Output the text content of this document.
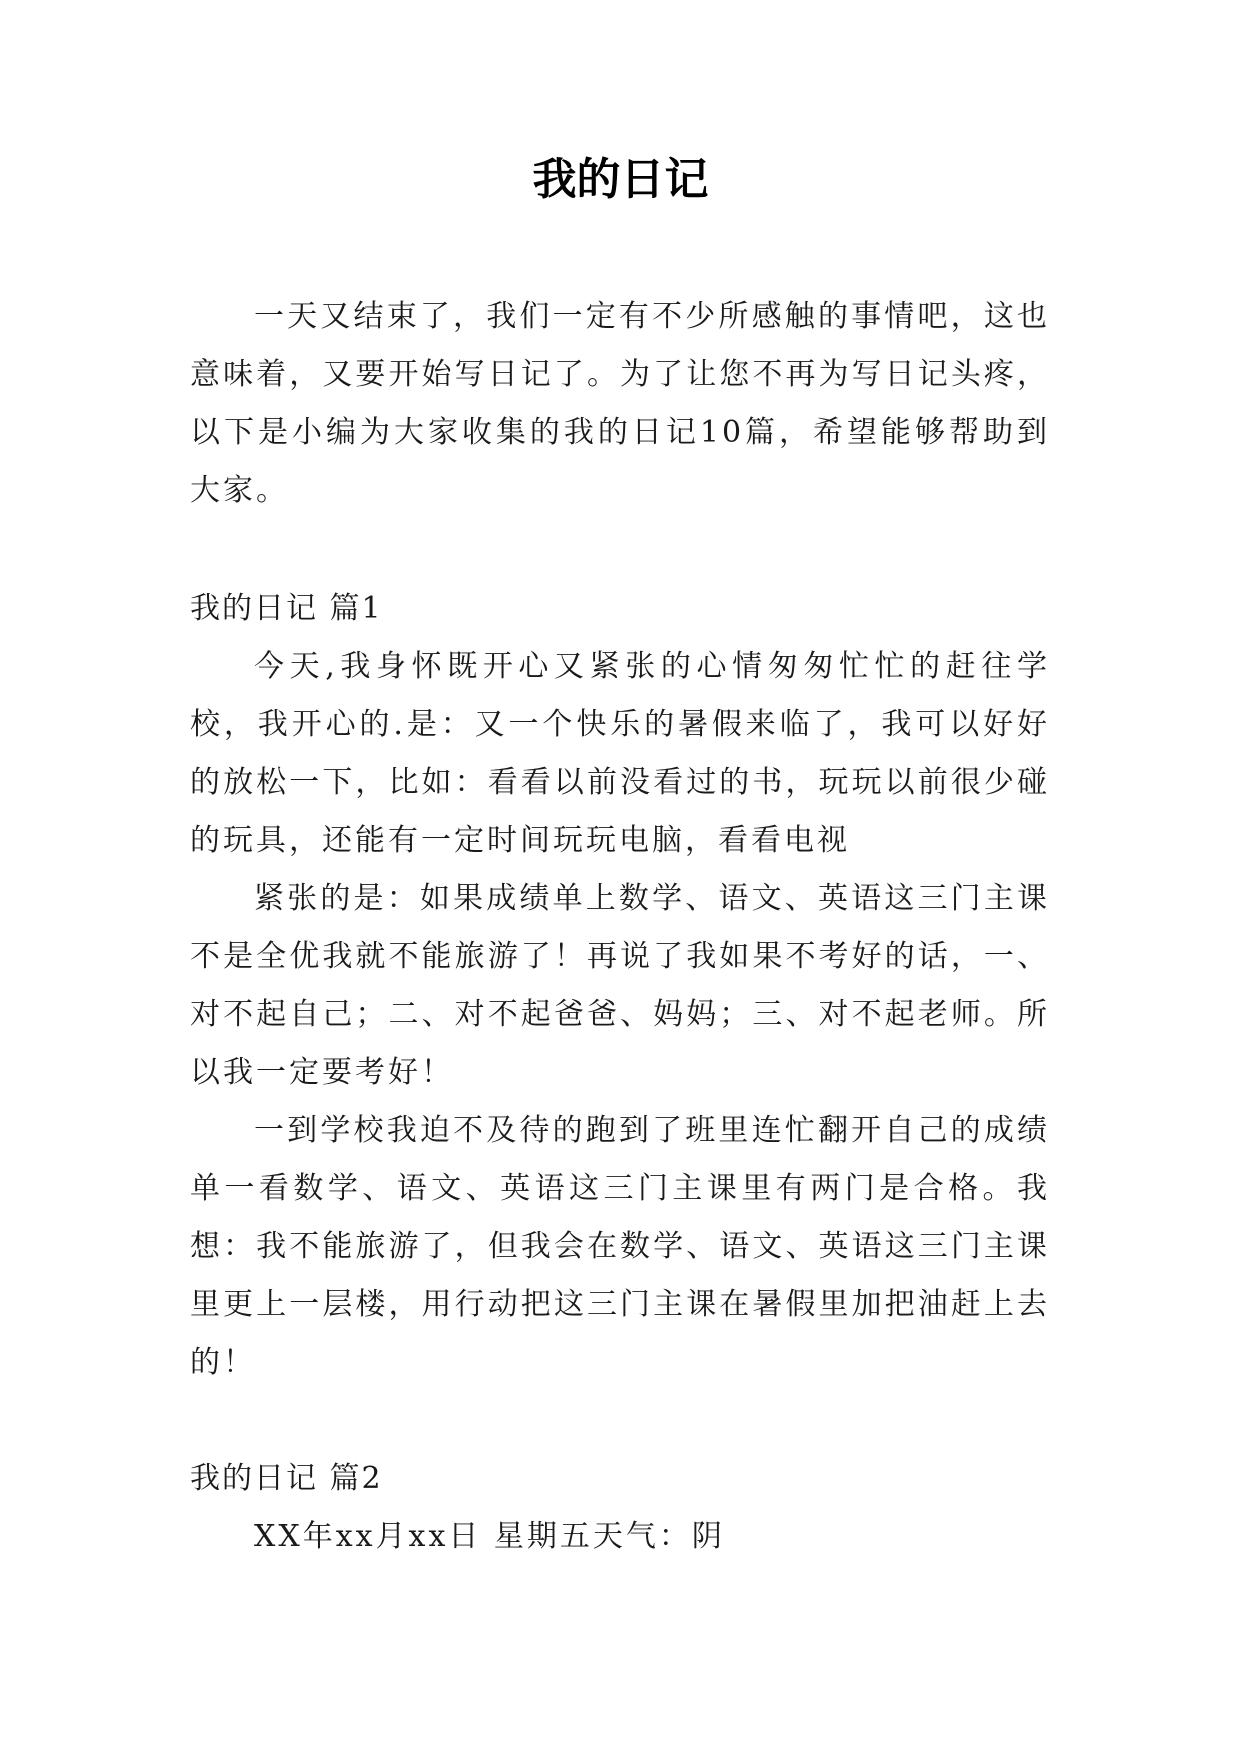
我的日记

一天又结束了，我们一定有不少所感触的事情吧，这也意味着，又要开始写日记了。为了让您不再为写日记头疼，以下是小编为大家收集的我的日记10篇，希望能够帮助到大家。

我的日记 篇1

今天,我身怀既开心又紧张的心情匆匆忙忙的赶往学校，我开心的.是：又一个快乐的暑假来临了，我可以好好的放松一下，比如：看看以前没看过的书，玩玩以前很少碰的玩具，还能有一定时间玩玩电脑，看看电视

紧张的是：如果成绩单上数学、语文、英语这三门主课不是全优我就不能旅游了！再说了我如果不考好的话，一、对不起自己；二、对不起爸爸、妈妈；三、对不起老师。所以我一定要考好！

一到学校我迫不及待的跑到了班里连忙翻开自己的成绩单一看数学、语文、英语这三门主课里有两门是合格。我想：我不能旅游了，但我会在数学、语文、英语这三门主课里更上一层楼，用行动把这三门主课在暑假里加把油赶上去的！

我的日记 篇2

XX年xx月xx日 星期五天气：阴
